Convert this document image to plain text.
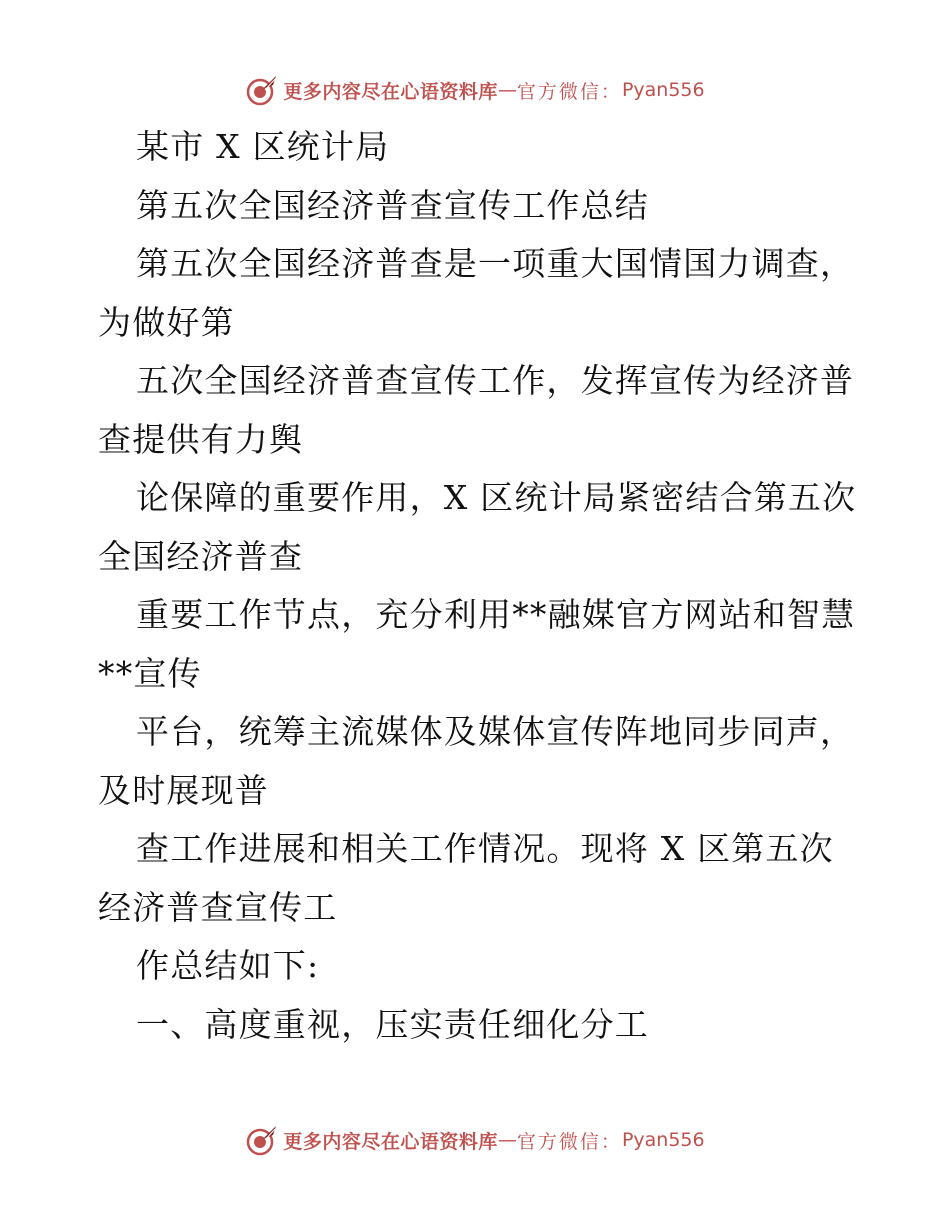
更多内容尽在心语资料库 — 官方微信： Pyan556

某市 X 区统计局

第五次全国经济普查宣传工作总结

第五次全国经济普查是一项重大国情国力调查，为做好第

五次全国经济普查宣传工作，发挥宣传为经济普查提供有力舆

论保障的重要作用，X 区统计局紧密结合第五次全国经济普查

重要工作节点，充分利用**融媒官方网站和智慧**宣传

平台，统筹主流媒体及媒体宣传阵地同步同声，及时展现普

查工作进展和相关工作情况。现将 X 区第五次经济普查宣传工

作总结如下:

一、高度重视，压实责任细化分工

更多内容尽在心语资料库 — 官方微信： Pyan556
